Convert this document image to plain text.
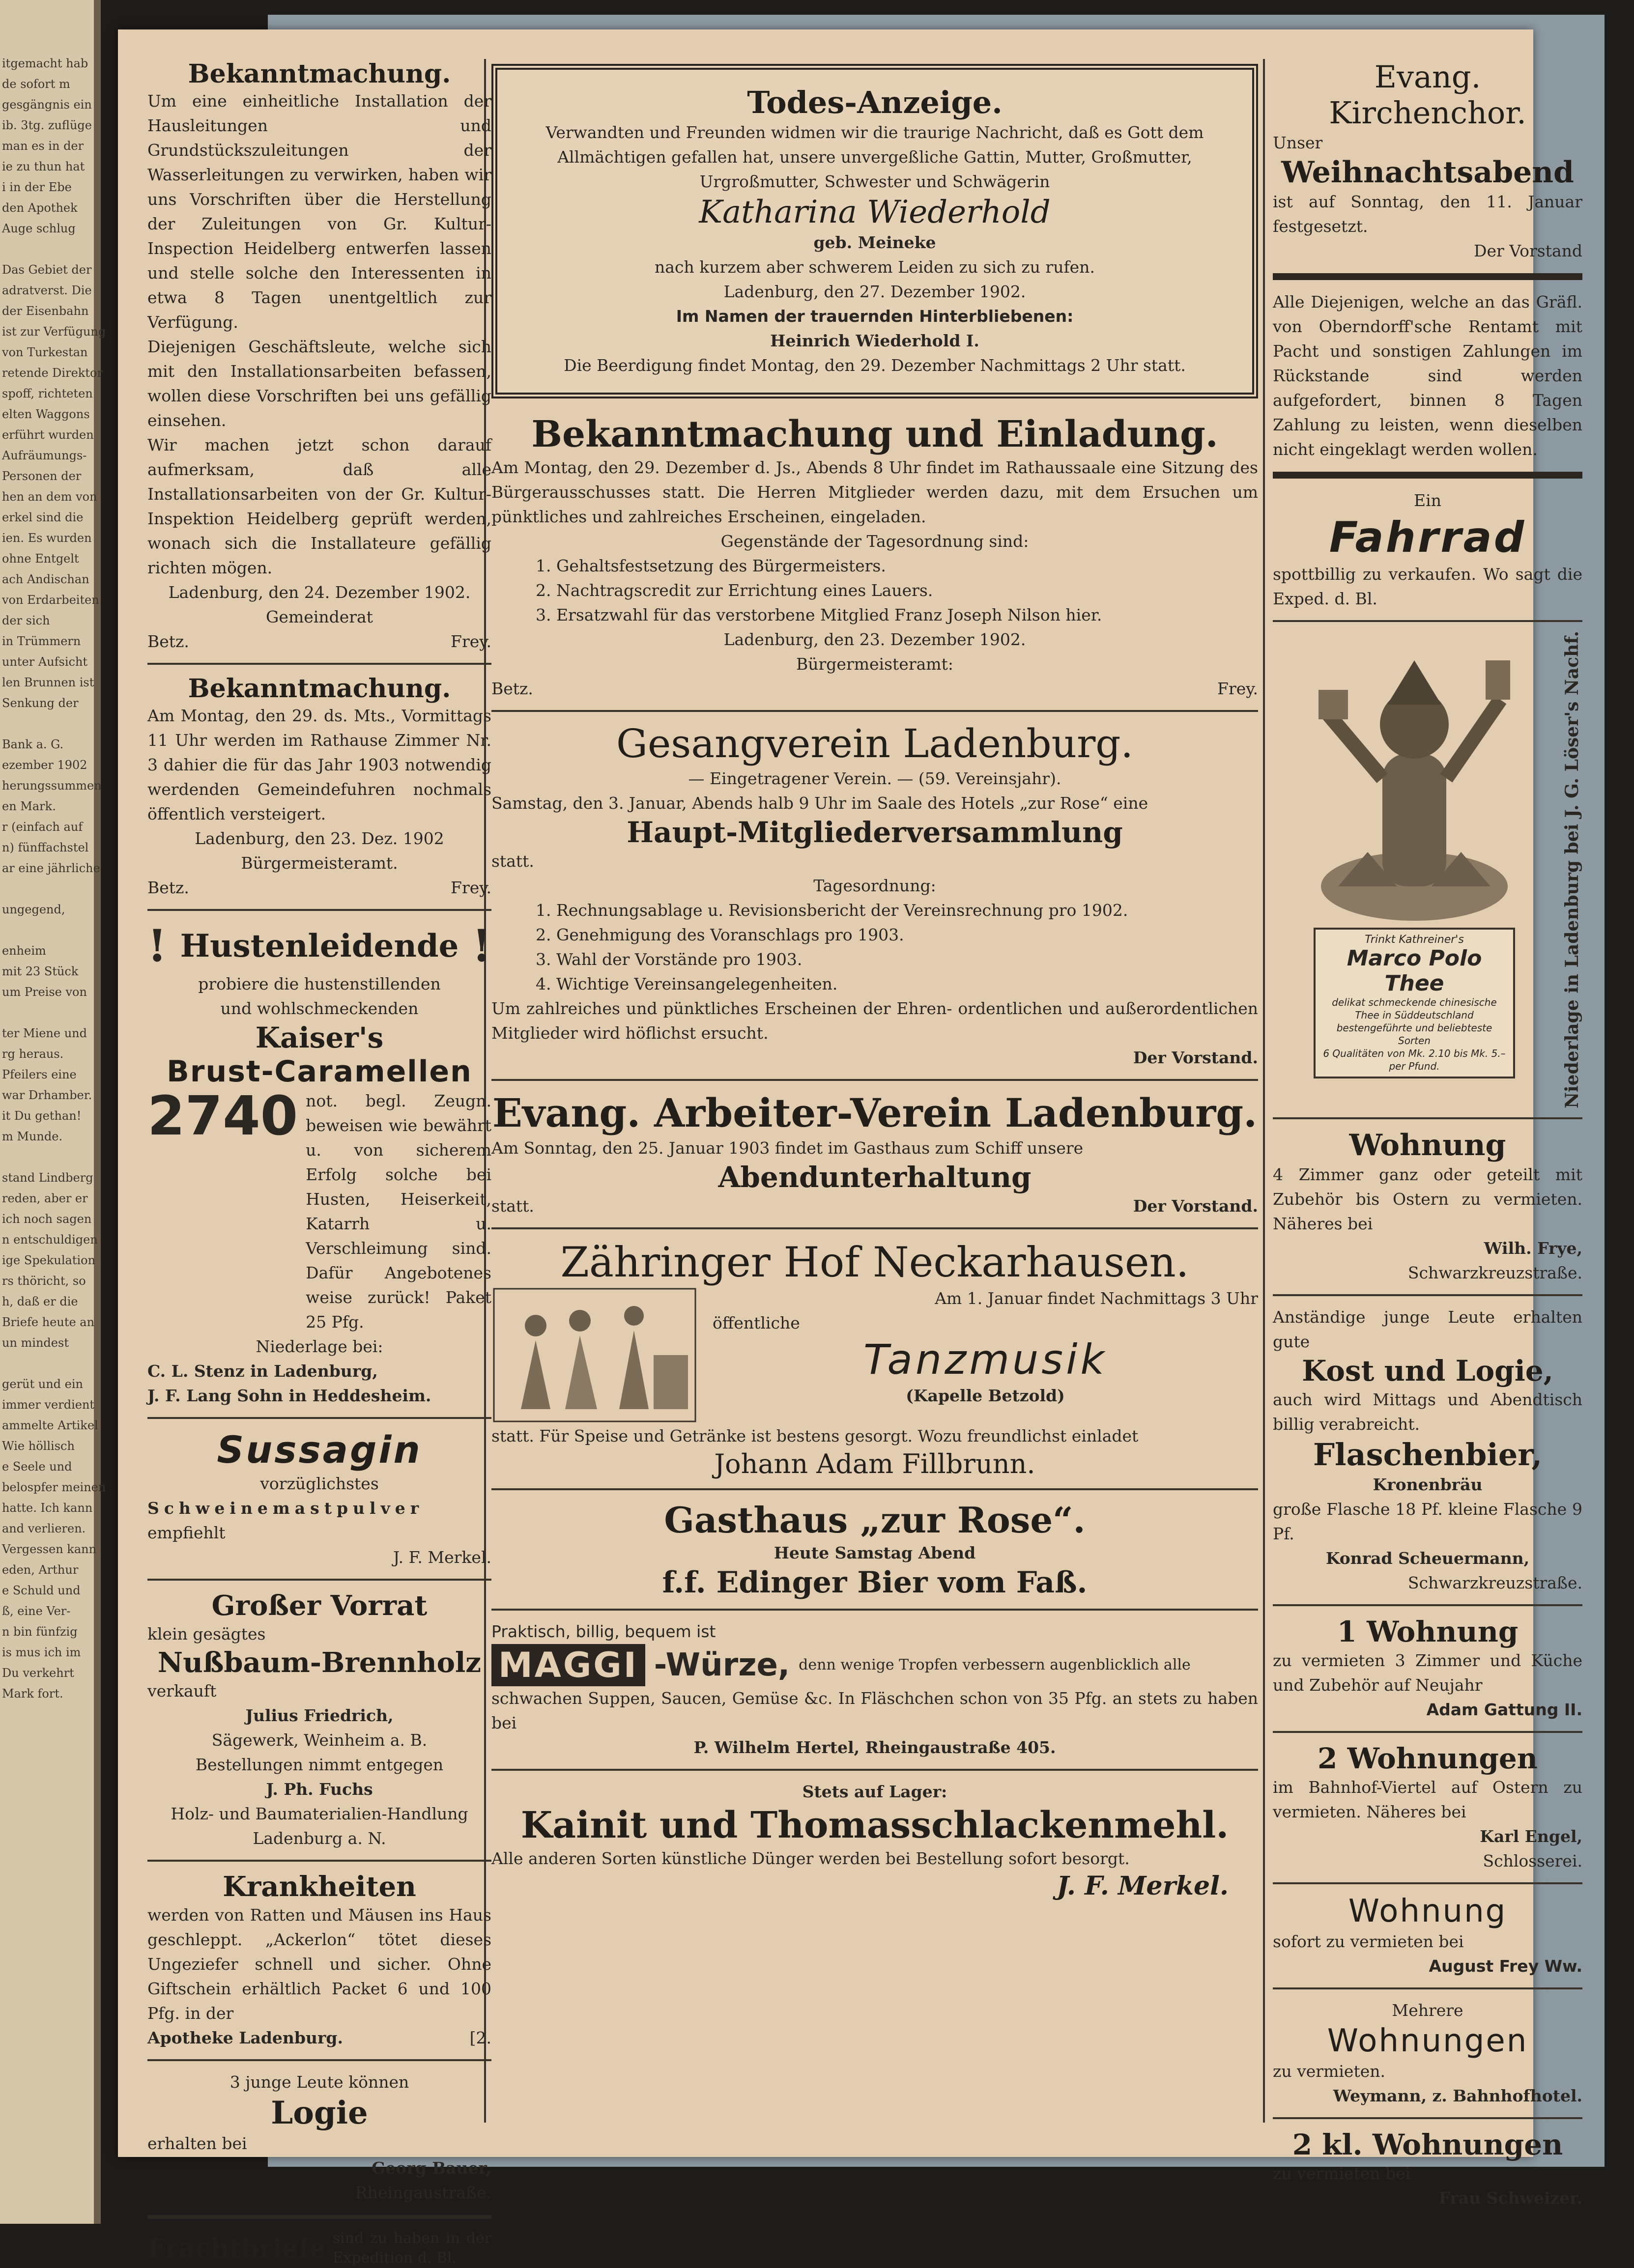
itgemacht hab

de sofort m

gesgängnis ein

ib. 3tg. zuflüge

man es in der

ie zu thun hat

i in der Ebe

den Apothek

Auge schlug

Das Gebiet der

adratverst. Die

der Eisenbahn

ist zur Verfügung

von Turkestan

retende Direktor

spoff, richteten

elten Waggons

erführt wurden

Aufräumungs-

Personen der

hen an dem von

erkel sind die

ien. Es wurden

ohne Entgelt

ach Andischan

von Erdarbeiten

der sich

in Trümmern

unter Aufsicht

len Brunnen ist

Senkung der

Bank a. G.

ezember 1902

herungssummen

en Mark.

r (einfach auf

n) fünffachstel

ar eine jährliche

ungegend,

enheim

mit 23 Stück

um Preise von

ter Miene und

rg heraus.

Pfeilers eine

war Drhamber.

it Du gethan!

m Munde.

stand Lindberg

reden, aber er

ich noch sagen

n entschuldigen

ige Spekulation

rs thöricht, so

h, daß er die

Briefe heute an

un mindest

gerüt und ein

immer verdient

ammelte Artikel

Wie höllisch

e Seele und

belospfer meinen

hatte. Ich kann

and verlieren.

Vergessen kann

eden, Arthur

e Schuld und

ß, eine Ver-

n bin fünfzig

is mus ich im

Du verkehrt

Mark fort.

Bekanntmachung.

Um eine einheitliche Installation der Hausleitungen und Grundstückszuleitungen der Wasserleitungen zu verwirken, haben wir uns Vorschriften über die Herstellung der Zuleitungen von Gr. Kultur-Inspection Heidelberg entwerfen lassen und stelle solche den Interessenten in etwa 8 Tagen unentgeltlich zur Verfügung.

Diejenigen Geschäftsleute, welche sich mit den Installationsarbeiten befassen, wollen diese Vorschriften bei uns gefällig einsehen.

Wir machen jetzt schon darauf aufmerksam, daß alle Installationsarbeiten von der Gr. Kultur-Inspektion Heidelberg geprüft werden, wonach sich die Installateure gefällig richten mögen.

Ladenburg, den 24. Dezember 1902.

Gemeinderat

Betz.	Frey.
Bekanntmachung.

Am Montag, den 29. ds. Mts., Vormittags 11 Uhr werden im Rathause Zimmer Nr. 3 dahier die für das Jahr 1903 notwendig werdenden Gemeindefuhren nochmals öffentlich versteigert.

Ladenburg, den 23. Dez. 1902

Bürgermeisteramt.

Betz.	Frey.
! Hustenleidende !

probiere die hustenstillenden

und wohlschmeckenden

Kaiser's
Brust-Caramellen
2740 not. begl. Zeugn. beweisen wie bewährt u. von sicherem Erfolg solche bei Husten, Heiserkeit, Katarrh u. Verschleimung sind. Dafür Angebotenes weise zurück! Paket 25 Pfg.

Niederlage bei:

C. L. Stenz in Ladenburg,

J. F. Lang Sohn in Heddesheim.

Sussagin

vorzüglichstes

Schweinemastpulver

empfiehlt

J. F. Merkel.

Großer Vorrat

klein gesägtes

Nußbaum-Brennholz

verkauft

Julius Friedrich,

Sägewerk, Weinheim a. B.

Bestellungen nimmt entgegen

J. Ph. Fuchs

Holz- und Baumaterialien-Handlung

Ladenburg a. N.

Krankheiten

werden von Ratten und Mäusen ins Haus geschleppt. „Ackerlon“ tötet dieses Ungeziefer schnell und sicher. Ohne Giftschein erhältlich Packet 6 und 100 Pfg. in der

Apotheke Ladenburg.	[2.

3 junge Leute können

Logie

erhalten bei

Georg Bauer,

Rheingaustraße.

Frachtbriefe sind zu haben in der Expedition d. Bl.

Todes-Anzeige.

Verwandten und Freunden widmen wir die traurige Nachricht, daß es Gott dem Allmächtigen gefallen hat, unsere unvergeßliche Gattin, Mutter, Großmutter, Urgroßmutter, Schwester und Schwägerin

Katharina Wiederhold

geb. Meineke

nach kurzem aber schwerem Leiden zu sich zu rufen.

Ladenburg, den 27. Dezember 1902.

Im Namen der trauernden Hinterbliebenen:

Heinrich Wiederhold I.

Die Beerdigung findet Montag, den 29. Dezember Nachmittags 2 Uhr statt.

Bekanntmachung und Einladung.

Am Montag, den 29. Dezember d. Js., Abends 8 Uhr findet im Rathaussaale eine Sitzung des Bürgerausschusses statt. Die Herren Mitglieder werden dazu, mit dem Ersuchen um pünktliches und zahlreiches Erscheinen, eingeladen.

Gegenstände der Tagesordnung sind:

1. Gehaltsfestsetzung des Bürgermeisters.

2. Nachtragscredit zur Errichtung eines Lauers.

3. Ersatzwahl für das verstorbene Mitglied Franz Joseph Nilson hier.

Ladenburg, den 23. Dezember 1902.

Bürgermeisteramt:

Betz.	Frey.
Gesangverein Ladenburg.

— Eingetragener Verein. — (59. Vereinsjahr).

Samstag, den 3. Januar, Abends halb 9 Uhr im Saale des Hotels „zur Rose“ eine

Haupt-Mitgliederversammlung

statt.

Tagesordnung:

1. Rechnungsablage u. Revisionsbericht der Vereinsrechnung pro 1902.

2. Genehmigung des Voranschlags pro 1903.

3. Wahl der Vorstände pro 1903.

4. Wichtige Vereinsangelegenheiten.

Um zahlreiches und pünktliches Erscheinen der Ehren- ordentlichen und außerordentlichen Mitglieder wird höflichst ersucht.

Der Vorstand.

Evang. Arbeiter-Verein Ladenburg.

Am Sonntag, den 25. Januar 1903 findet im Gasthaus zum Schiff unsere

Abendunterhaltung
statt.	Der Vorstand.
Zähringer Hof Neckarhausen.

Am 1. Januar findet Nachmittags 3 Uhr

öffentliche

Tanzmusik

(Kapelle Betzold)

statt. Für Speise und Getränke ist bestens gesorgt. Wozu freundlichst einladet

Johann Adam Fillbrunn.
Gasthaus „zur Rose“.

Heute Samstag Abend

f.f. Edinger Bier vom Faß.

Praktisch, billig, bequem ist

MAGGI -Würze, denn wenige Tropfen verbessern augenblicklich alle

schwachen Suppen, Saucen, Gemüse &c. In Fläschchen schon von 35 Pfg. an stets zu haben bei

P. Wilhelm Hertel, Rheingaustraße 405.

Stets auf Lager:

Kainit und Thomasschlackenmehl.

Alle anderen Sorten künstliche Dünger werden bei Bestellung sofort besorgt.

J. F. Merkel.
Evang. Kirchenchor.

Unser

Weihnachtsabend

ist auf Sonntag, den 11. Januar festgesetzt.

Der Vorstand

Alle Diejenigen, welche an das Gräfl. von Oberndorff'sche Rentamt mit Pacht und sonstigen Zahlungen im Rückstande sind werden aufgefordert, binnen 8 Tagen Zahlung zu leisten, wenn dieselben nicht eingeklagt werden wollen.

Ein

Fahrrad

spottbillig zu verkaufen. Wo sagt die Exped. d. Bl.

Trinkt Kathreiner's
Marco Polo Thee
delikat schmeckende chinesische Thee in Süddeutschland bestengeführte und beliebteste Sorten
6 Qualitäten von Mk. 2.10 bis Mk. 5.– per Pfund.	Niederlage in Ladenburg bei J. G. Löser's Nachf.
Wohnung

4 Zimmer ganz oder geteilt mit Zubehör bis Ostern zu vermieten. Näheres bei

Wilh. Frye,

Schwarzkreuzstraße.

Anständige junge Leute erhalten gute

Kost und Logie,

auch wird Mittags und Abendtisch billig verabreicht.

Flaschenbier,

Kronenbräu

große Flasche 18 Pf. kleine Flasche 9 Pf.

Konrad Scheuermann,

Schwarzkreuzstraße.

1 Wohnung

zu vermieten 3 Zimmer und Küche und Zubehör auf Neujahr

Adam Gattung II.

2 Wohnungen

im Bahnhof-Viertel auf Ostern zu vermieten. Näheres bei

Karl Engel,

Schlosserei.

Wohnung

sofort zu vermieten bei

August Frey Ww.

Mehrere

Wohnungen

zu vermieten.

Weymann, z. Bahnhofhotel.

2 kl. Wohnungen

zu vermieten bei

Frau Schweizer.
